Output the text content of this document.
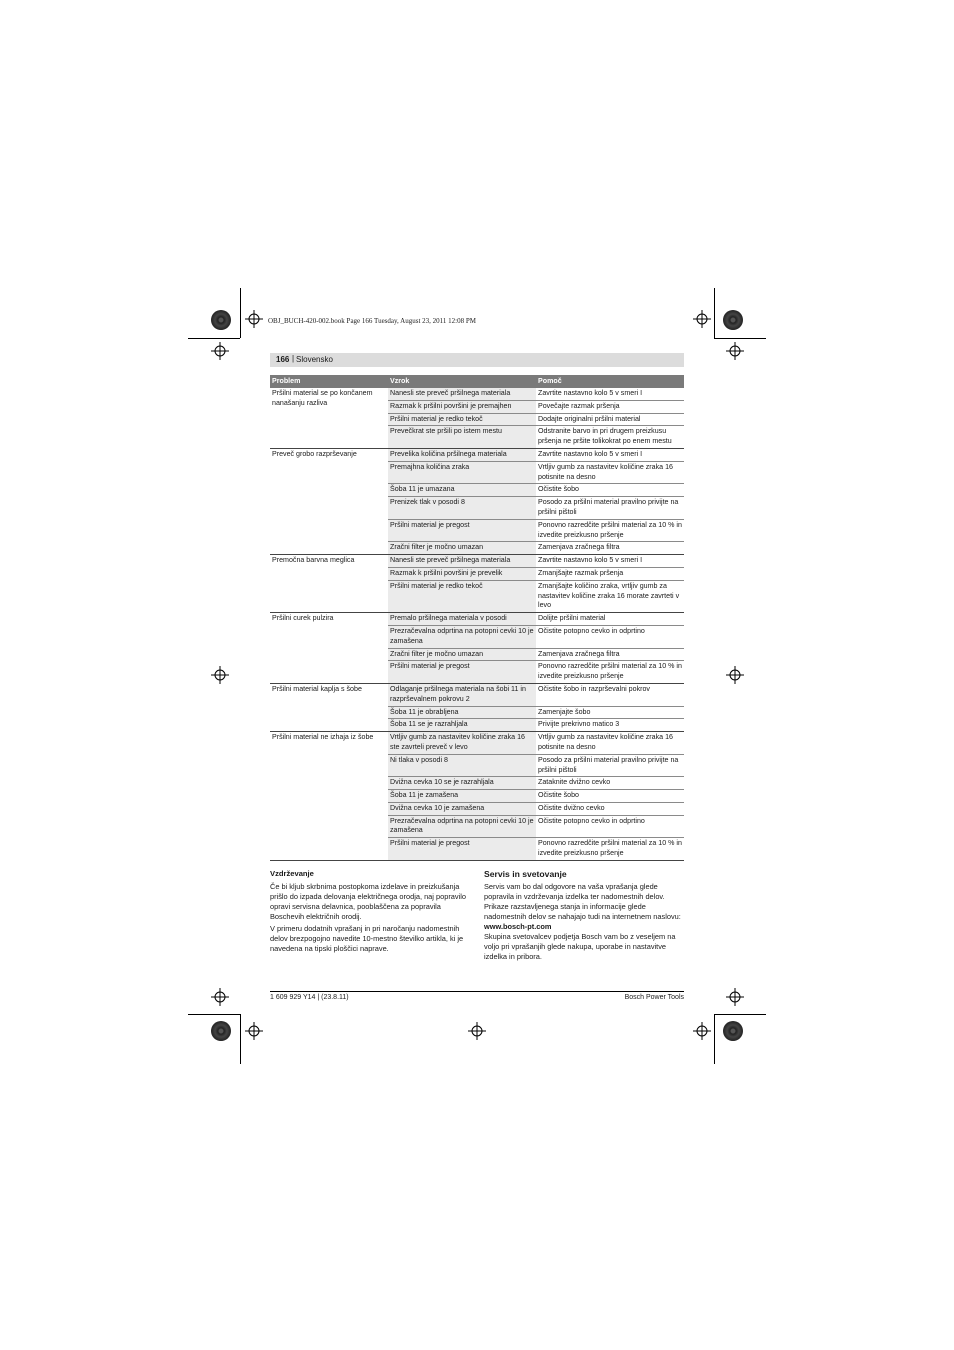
OBJ_BUCH-420-002.book Page 166 Tuesday, August 23, 2011 12:08 PM
166 | Slovensko
Problem	Vzrok	Pomoč
Pršilni material se po končanem nanašanju razliva	Nanesli ste preveč pršilnega materiala	Zavrtite nastavno kolo 5 v smeri I
	Razmak k pršilni površini je premajhen	Povečajte razmak pršenja
	Pršilni material je redko tekoč	Dodajte originalni pršilni material
	Prevečkrat ste pršili po istem mestu	Odstranite barvo in pri drugem preizkusu pršenja ne pršite tolikokrat po enem mestu
Preveč grobo razprševanje	Prevelika količina pršilnega materiala	Zavrtite nastavno kolo 5 v smeri I
	Premajhna količina zraka	Vrtljiv gumb za nastavitev količine zraka 16 potisnite na desno
	Šoba 11 je umazana	Očistite šobo
	Prenizek tlak v posodi 8	Posodo za pršilni material pravilno privijte na pršilni pištoli
	Pršilni material je pregost	Ponovno razredčite pršilni material za 10 % in izvedite preizkusno pršenje
	Zračni filter je močno umazan	Zamenjava zračnega filtra
Premočna barvna meglica	Nanesli ste preveč pršilnega materiala	Zavrtite nastavno kolo 5 v smeri I
	Razmak k pršilni površini je prevelik	Zmanjšajte razmak pršenja
	Pršilni material je redko tekoč	Zmanjšajte količino zraka, vrtljiv gumb za nastavitev količine zraka 16 morate zavrteti v levo
Pršilni curek pulzira	Premalo pršilnega materiala v posodi	Dolijte pršilni material
	Prezračevalna odprtina na potopni cevki 10 je zamašena	Očistite potopno cevko in odprtino
	Zračni filter je močno umazan	Zamenjava zračnega filtra
	Pršilni material je pregost	Ponovno razredčite pršilni material za 10 % in izvedite preizkusno pršenje
Pršilni material kaplja s šobe	Odlaganje pršilnega materiala na šobi 11 in razprševalnem pokrovu 2	Očistite šobo in razprševalni pokrov
	Šoba 11 je obrabljena	Zamenjajte šobo
	Šoba 11 se je razrahljala	Privijte prekrivno matico 3
Pršilni material ne izhaja iz šobe	Vrtljiv gumb za nastavitev količine zraka 16 ste zavrteli preveč v levo	Vrtljiv gumb za nastavitev količine zraka 16 potisnite na desno
	Ni tlaka v posodi 8	Posodo za pršilni material pravilno privijte na pršilni pištoli
	Dvižna cevka 10 se je razrahljala	Zataknite dvižno cevko
	Šoba 11 je zamašena	Očistite šobo
	Dvižna cevka 10 je zamašena	Očistite dvižno cevko
	Prezračevalna odprtina na potopni cevki 10 je zamašena	Očistite potopno cevko in odprtino
	Pršilni material je pregost	Ponovno razredčite pršilni material za 10 % in izvedite preizkusno pršenje
Vzdrževanje

Če bi kljub skrbnima postopkoma izdelave in preizkušanja prišlo do izpada delovanja električnega orodja, naj popravilo opravi servisna delavnica, pooblaščena za popravila Boschevih električnih orodij.

V primeru dodatnih vprašanj in pri naročanju nadomestnih delov brezpogojno navedite 10-mestno številko artikla, ki je navedena na tipski ploščici naprave.

Servis in svetovanje

Servis vam bo dal odgovore na vaša vprašanja glede popravila in vzdrževanja izdelka ter nadomestnih delov. Prikaze razstavljenega stanja in informacije glede nadomestnih delov se nahajajo tudi na internetnem naslovu:

www.bosch-pt.com

Skupina svetovalcev podjetja Bosch vam bo z veseljem na voljo pri vprašanjih glede nakupa, uporabe in nastavitve izdelka in pribora.

1 609 929 Y14 | (23.8.11)	Bosch Power Tools
